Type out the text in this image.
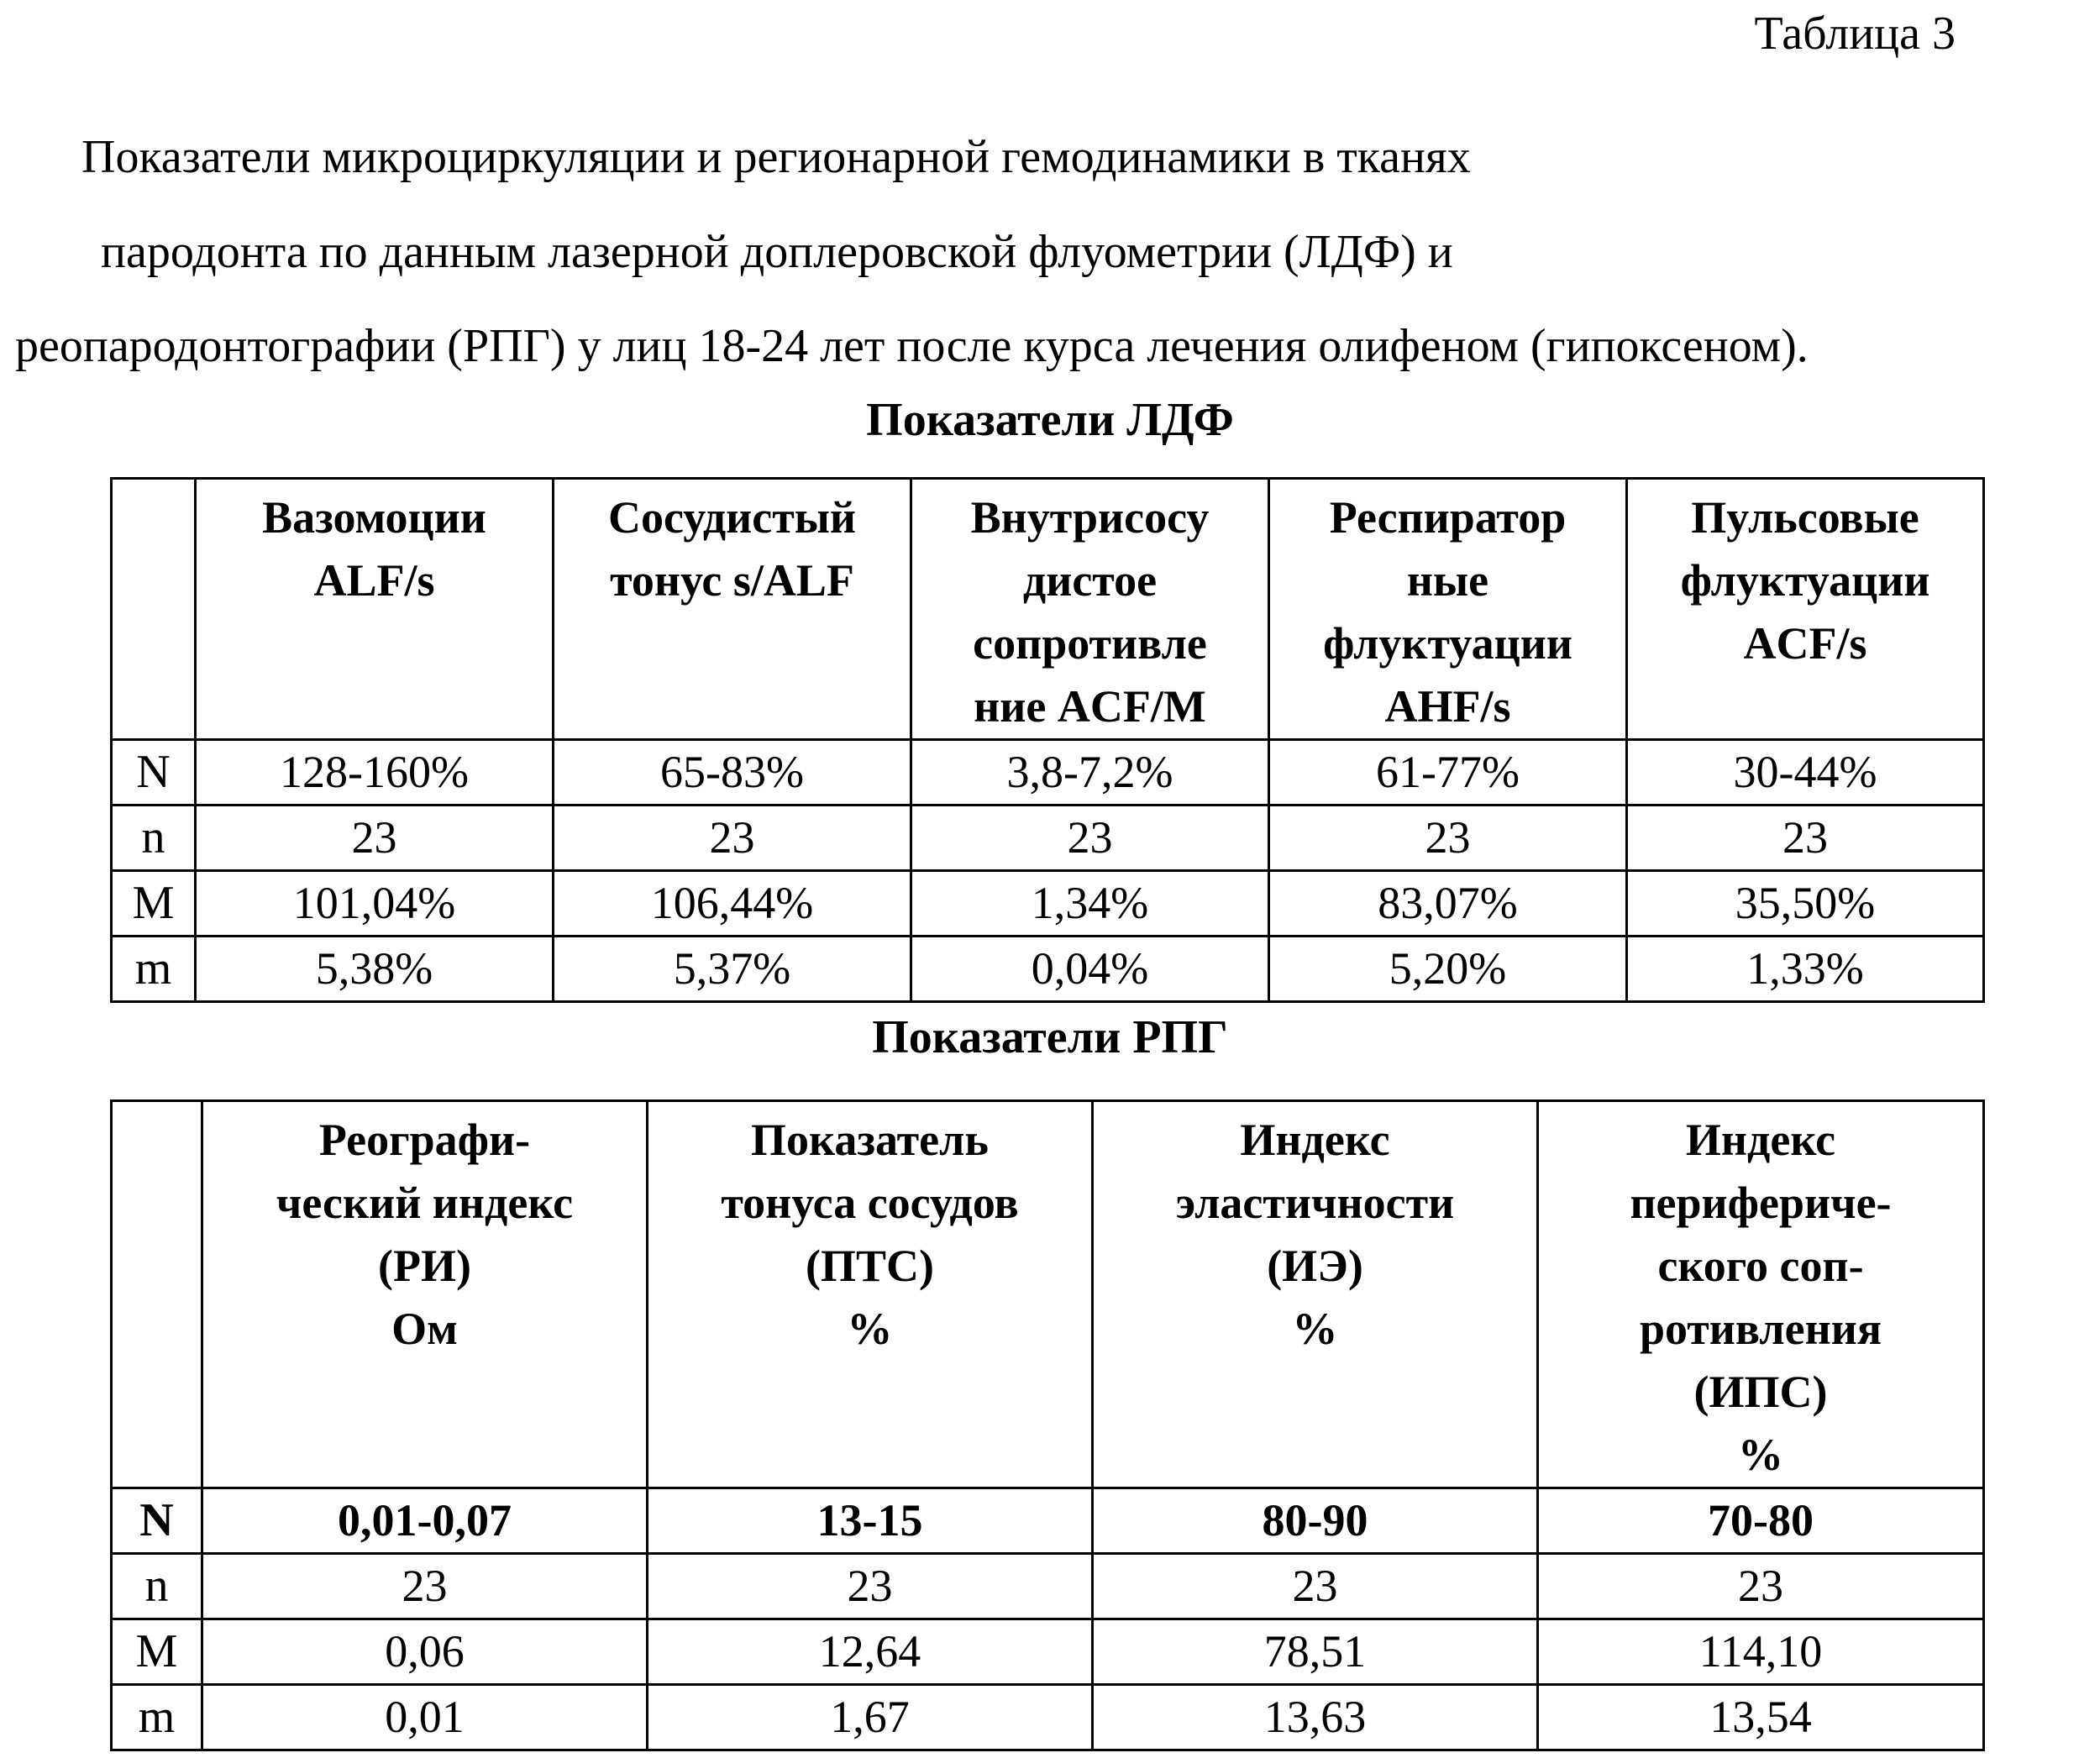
Таблица 3
Показатели микроциркуляции и регионарной гемодинамики в тканях
пародонта по данным лазерной доплеровской флуометрии (ЛДФ) и
реопародонтографии (РПГ) у лиц 18-24 лет после курса лечения олифеном (гипоксеном).
Показатели ЛДФ

Вазомоции
ALF/s

Сосудистый
тонус s/ALF

Внутрисосу
дистое
сопротивле
ние ACF/M

Респиратор
ные
флуктуации
AHF/s

Пульсовые
флуктуации
ACF/s

N	128-160%	65-83%	3,8-7,2%	61-77%	30-44%
n	23	23	23	23	23
M	101,04%	106,44%	1,34%	83,07%	35,50%
m	5,38%	5,37%	0,04%	5,20%	1,33%
Показатели РПГ

Реографи-
ческий индекс
(РИ)
Ом

Показатель
тонуса сосудов
(ПТС)
%

Индекс
эластичности
(ИЭ)
%

Индекс
периферичe-
ского соп-
ротивления
(ИПС)
%

N	0,01-0,07	13-15	80-90	70-80
n	23	23	23	23
M	0,06	12,64	78,51	114,10
m	0,01	1,67	13,63	13,54
